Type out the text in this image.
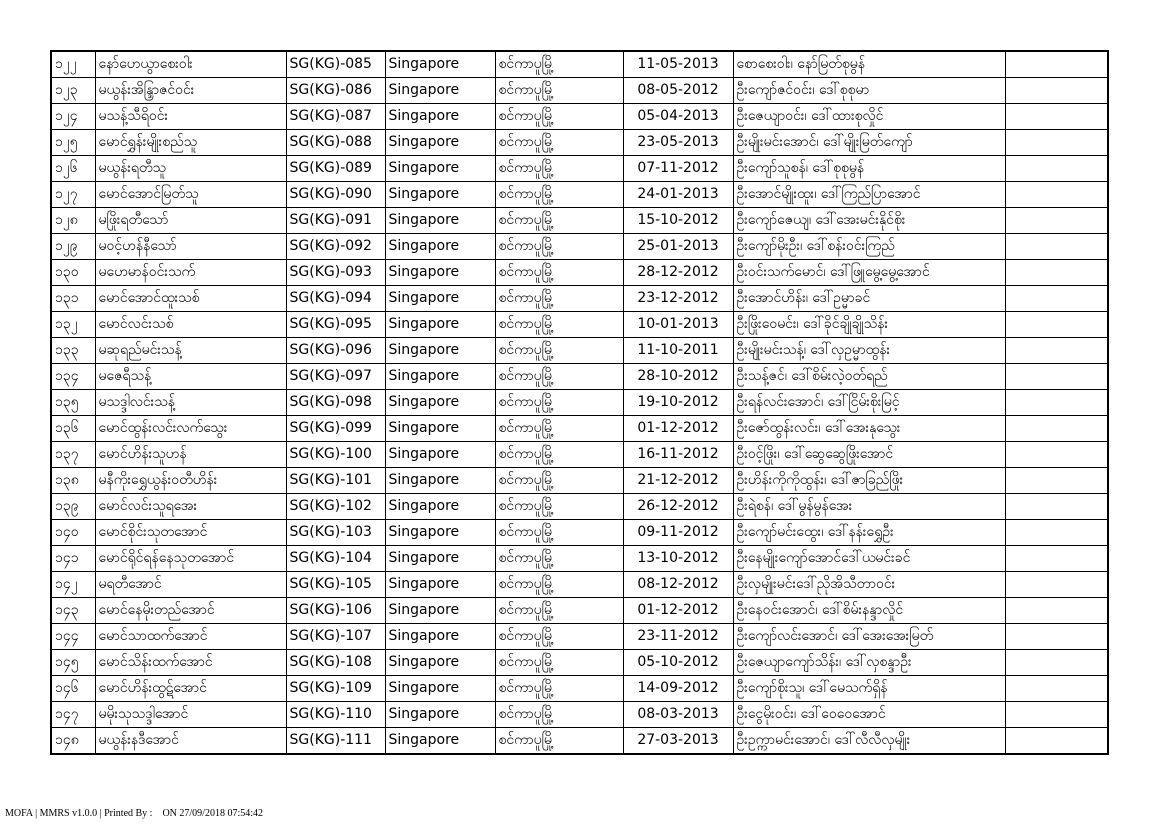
၁၂၂	နော်ဟေယွာစေးဝါး	SG(KG)-085	Singapore	စင်ကာပူမြို့	11-05-2013	စောစေးဝါး၊ နော်မြတ်စုမွန်	
၁၂၃	မယွန်းအိန္ဒြာဇင်ဝင်း	SG(KG)-086	Singapore	စင်ကာပူမြို့	08-05-2012	ဦးကျော်ဇင်ဝင်း၊ ဒေါ်စုစုမာ	
၁၂၄	မသန့်သီရိဝင်း	SG(KG)-087	Singapore	စင်ကာပူမြို့	05-04-2013	ဦးဇေယျာဝင်း၊ ဒေါ်ထားစုလှိုင်	
၁၂၅	မောင်ရွှန်းမျိုးစည်သူ	SG(KG)-088	Singapore	စင်ကာပူမြို့	23-05-2013	ဦးမျိုးမင်းအောင်၊ ဒေါ်မျိုးမြတ်ကျော်	
၁၂၆	မယွန်းရတီသူ	SG(KG)-089	Singapore	စင်ကာပူမြို့	07-11-2012	ဦးကျော်သူစန်၊ ဒေါ်စုစုမွန်	
၁၂၇	မောင်အောင်မြတ်သူ	SG(KG)-090	Singapore	စင်ကာပူမြို့	24-01-2013	ဦးအောင်မျိုးထူး၊ ဒေါ်ကြည်ပြာအောင်	
၁၂၈	မဖြိုးရတီသော်	SG(KG)-091	Singapore	စင်ကာပူမြို့	15-10-2012	ဦးကျော်ဇေယျ၊ ဒေါ်အေးမင်းနိုင်စိုး	
၁၂၉	မဝင့်ဟန်နီသော်	SG(KG)-092	Singapore	စင်ကာပူမြို့	25-01-2013	ဦးကျော်မိုးဦး၊ ဒေါ်စန်းဝင်းကြည်	
၁၃၀	မဟေမာန်ဝင်းသက်	SG(KG)-093	Singapore	စင်ကာပူမြို့	28-12-2012	ဦးဝင်းသက်မောင်၊ ဒေါ်ဖြူမွေ့မွေ့အောင်	
၁၃၁	မောင်အောင်ထူးသစ်	SG(KG)-094	Singapore	စင်ကာပူမြို့	23-12-2012	ဦးအောင်ဟိန်း၊ ဒေါ်ဥမ္မာခင်	
၁၃၂	မောင်လင်းသစ်	SG(KG)-095	Singapore	စင်ကာပူမြို့	10-01-2013	ဦးဖြိုးဝေမင်း၊ ဒေါ်ခိုင်ချိုချိုသိန်း	
၁၃၃	မဆုရည်မင်းသန့်	SG(KG)-096	Singapore	စင်ကာပူမြို့	11-10-2011	ဦးမျိုးမင်းသန့်၊ ဒေါ်လှဥမ္မာထွန်း	
၁၃၄	မဇေရီသန့်	SG(KG)-097	Singapore	စင်ကာပူမြို့	28-10-2012	ဦးသန့်ဇင်၊ ဒေါ်စိမ်းလဲ့ဝတ်ရည်	
၁၃၅	မသဒ္ဒါလင်းသန့်	SG(KG)-098	Singapore	စင်ကာပူမြို့	19-10-2012	ဦးရန်လင်းအောင်၊ ဒေါ်ငြိမ်းစိုးမြင့်	
၁၃၆	မောင်ထွန်းလင်းလက်သွေး	SG(KG)-099	Singapore	စင်ကာပူမြို့	01-12-2012	ဦးဇော်ထွန်းလင်း၊ ဒေါ်အေးနုသွေး	
၁၃၇	မောင်ဟိန်းသူဟန်	SG(KG)-100	Singapore	စင်ကာပူမြို့	16-11-2012	ဦးဝင့်ဖြိုး၊ ဒေါ်ဆွေဆွေဖြိုးအောင်	
၁၃၈	မနီကိုးရွှေယွန်းဝတီဟိန်း	SG(KG)-101	Singapore	စင်ကာပူမြို့	21-12-2012	ဦးဟိန်းကိုကိုထွန်း၊ ဒေါ်ဇာခြည်ဖြိုး	
၁၃၉	မောင်လင်းသူရအေး	SG(KG)-102	Singapore	စင်ကာပူမြို့	26-12-2012	ဦးရဲစန်၊ ဒေါ်မွန်မွန်အေး	
၁၄၀	မောင်စိုင်းသုတအောင်	SG(KG)-103	Singapore	စင်ကာပူမြို့	09-11-2012	ဦးကျော်မင်းထွေး၊ ဒေါ်နန်းရွှေဦး	
၁၄၁	မောင်ရိုင်ရန်နေသုတအောင်	SG(KG)-104	Singapore	စင်ကာပူမြို့	13-10-2012	ဦးနေမျိုးကျော်အောင်ဒေါ်ယမင်းခင်	
၁၄၂	မရတီအောင်	SG(KG)-105	Singapore	စင်ကာပူမြို့	08-12-2012	ဦးလှမျိုးမင်းဒေါ်ညိုအိသီတာဝင်း	
၁၄၃	မောင်နေမိုးတည်အောင်	SG(KG)-106	Singapore	စင်ကာပူမြို့	01-12-2012	ဦးနေဝင်းအောင်၊ ဒေါ်စိမ်းနန္ဒာလှိုင်	
၁၄၄	မောင်သာထက်အောင်	SG(KG)-107	Singapore	စင်ကာပူမြို့	23-11-2012	ဦးကျော်လင်းအောင်၊ ဒေါ်အေးအေးမြတ်	
၁၄၅	မောင်သိန်းထက်အောင်	SG(KG)-108	Singapore	စင်ကာပူမြို့	05-10-2012	ဦးဇေယျာကျော်သိန်း၊ ဒေါ်လှစန္ဒာဦး	
၁၄၆	မောင်ဟိန်းထွဋ်အောင်	SG(KG)-109	Singapore	စင်ကာပူမြို့	14-09-2012	ဦးကျော်စိုးသူ၊ ဒေါ်မေသက်ရှိန်	
၁၄၇	မမိုးသုသဒ္ဒါအောင်	SG(KG)-110	Singapore	စင်ကာပူမြို့	08-03-2013	ဦးငွေမိုးဝင်း၊ ဒေါ်ဝေဝေအောင်	
၁၄၈	မယွန်းနဒီအောင်	SG(KG)-111	Singapore	စင်ကာပူမြို့	27-03-2013	ဦးဥက္ကာမင်းအောင်၊ ဒေါ်လီလီလှမျိုး	
MOFA | MMRS v1.0.0 | Printed By :    ON 27/09/2018 07:54:42
